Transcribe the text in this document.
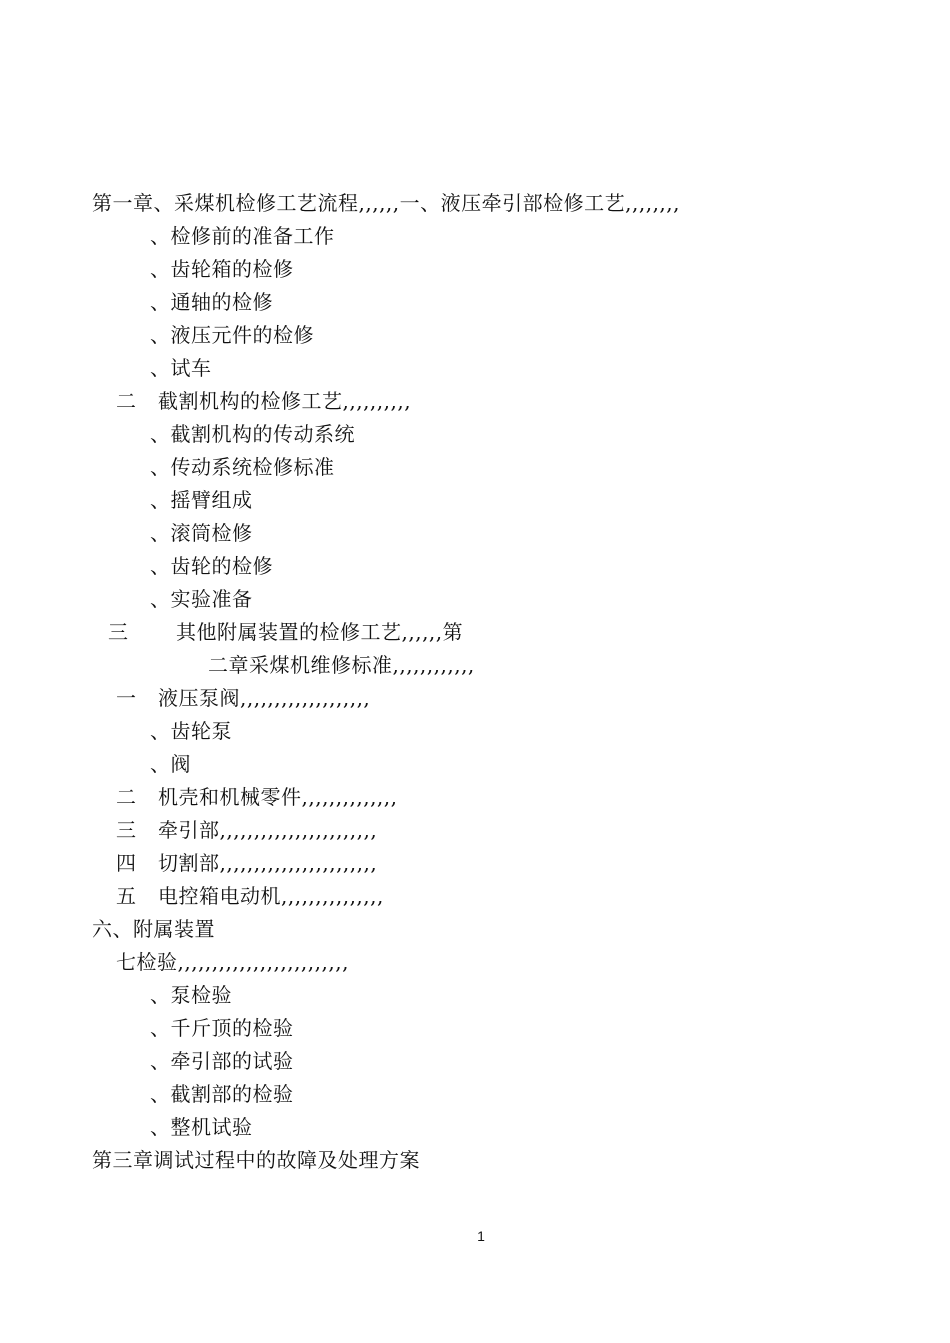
第一章、采煤机检修工艺流程,,,,,,一、液压牵引部检修工艺,,,,,,,,
、检修前的准备工作
、齿轮箱的检修
、通轴的检修
、液压元件的检修
、试车
二 截割机构的检修工艺,,,,,,,,,,
、截割机构的传动系统
、传动系统检修标准
、摇臂组成
、滚筒检修
、齿轮的检修
、实验准备
三 其他附属装置的检修工艺,,,,,,第
二章采煤机维修标准,,,,,,,,,,,,
一 液压泵阀,,,,,,,,,,,,,,,,,,,
、齿轮泵
、阀
二 机壳和机械零件,,,,,,,,,,,,,,
三 牵引部,,,,,,,,,,,,,,,,,,,,,,,
四 切割部,,,,,,,,,,,,,,,,,,,,,,,
五 电控箱电动机,,,,,,,,,,,,,,,
六、附属装置
七检验,,,,,,,,,,,,,,,,,,,,,,,,,
、泵检验
、千斤顶的检验
、牵引部的试验
、截割部的检验
、整机试验
第三章调试过程中的故障及处理方案
1
